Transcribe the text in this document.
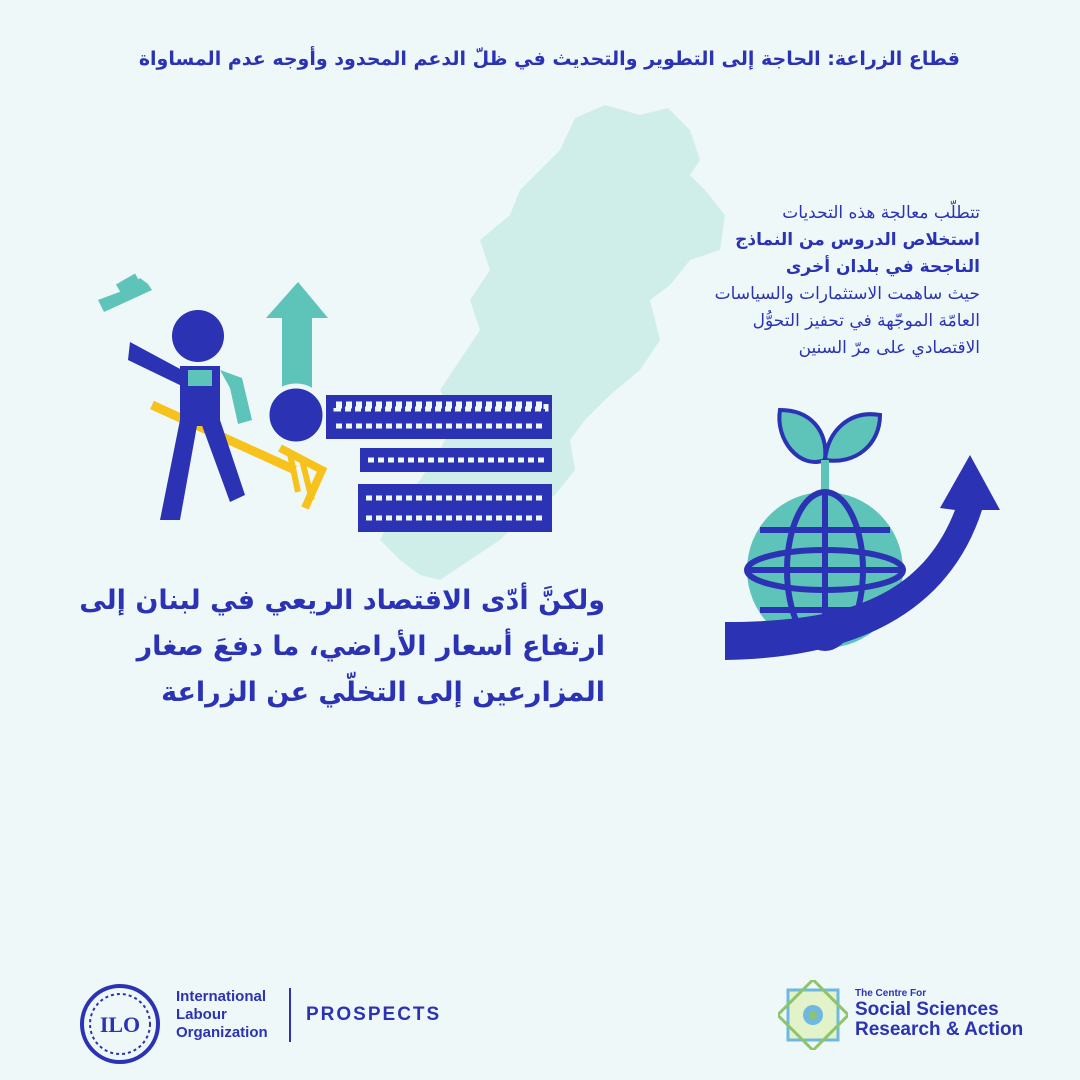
قطاع الزراعة: الحاجة إلى التطوير والتحديث في ظلّ الدعم المحدود وأوجه عدم المساواة
تتطلّب معالجة هذه التحديات
استخلاص الدروس من النماذج
الناجحة في بلدان أخرى
حيث ساهمت الاستثمارات والسياسات
العامّة الموجّهة في تحفيز التحوُّل
الاقتصادي على مرّ السنين
ولكنَّ أدّى الاقتصاد الريعي في لبنان إلى
ارتفاع أسعار الأراضي، ما دفعَ صغار
المزارعين إلى التخلّي عن الزراعة
ILO
International
Labour
Organization
PROSPECTS
The Centre For
Social Sciences
Research & Action
